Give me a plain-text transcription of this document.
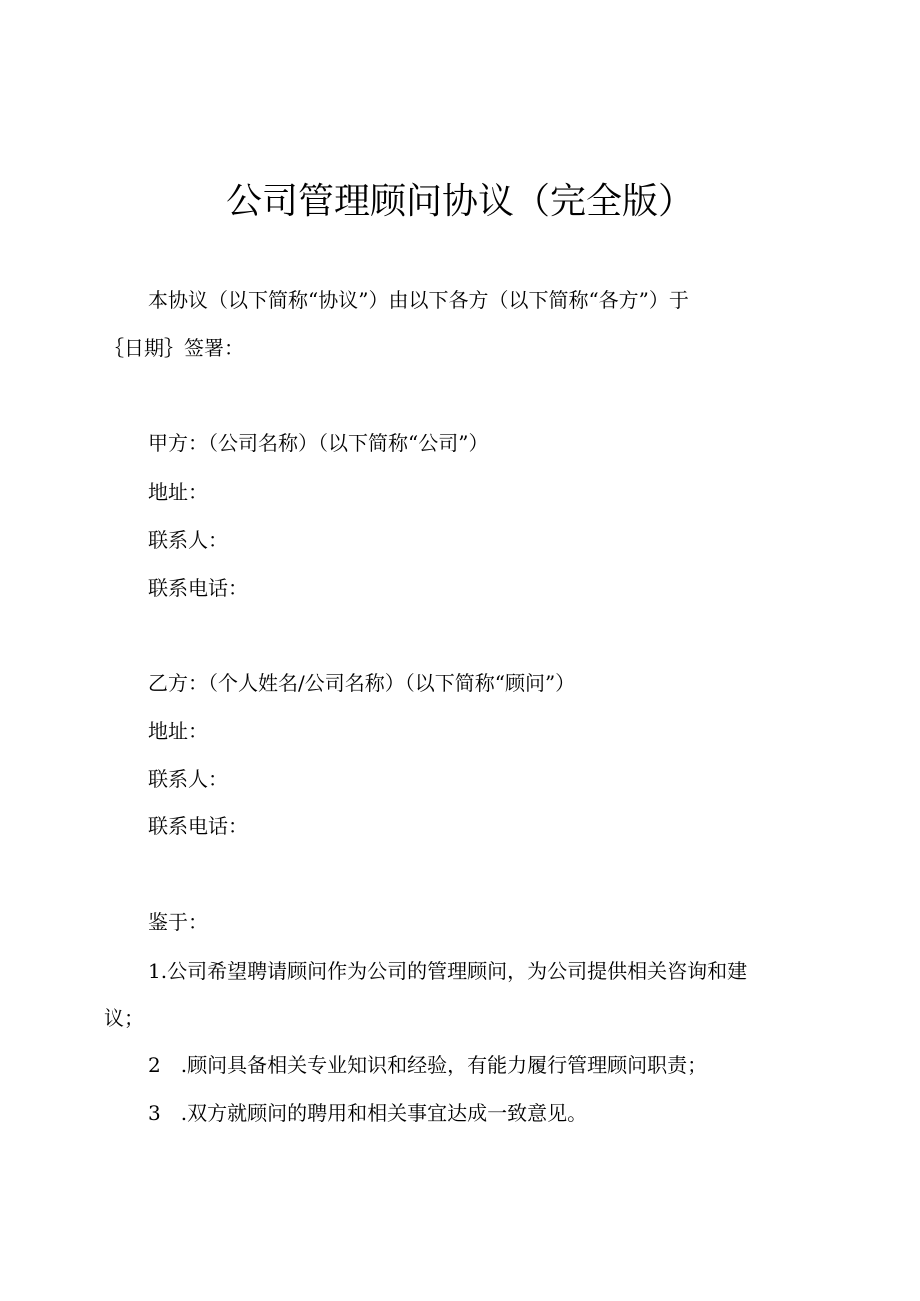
公司管理顾问协议（完全版）

本协议（以下简称“协议”）由以下各方（以下简称“各方”）于

｛日期｝签署：

甲方：（公司名称）（以下简称“公司”）

地址：

联系人：

联系电话：

乙方：（个人姓名/公司名称）（以下简称“顾问”）

地址：

联系人：

联系电话：

鉴于：

1.公司希望聘请顾问作为公司的管理顾问，为公司提供相关咨询和建

议；

2　.顾问具备相关专业知识和经验，有能力履行管理顾问职责；

3　.双方就顾问的聘用和相关事宜达成一致意见。
